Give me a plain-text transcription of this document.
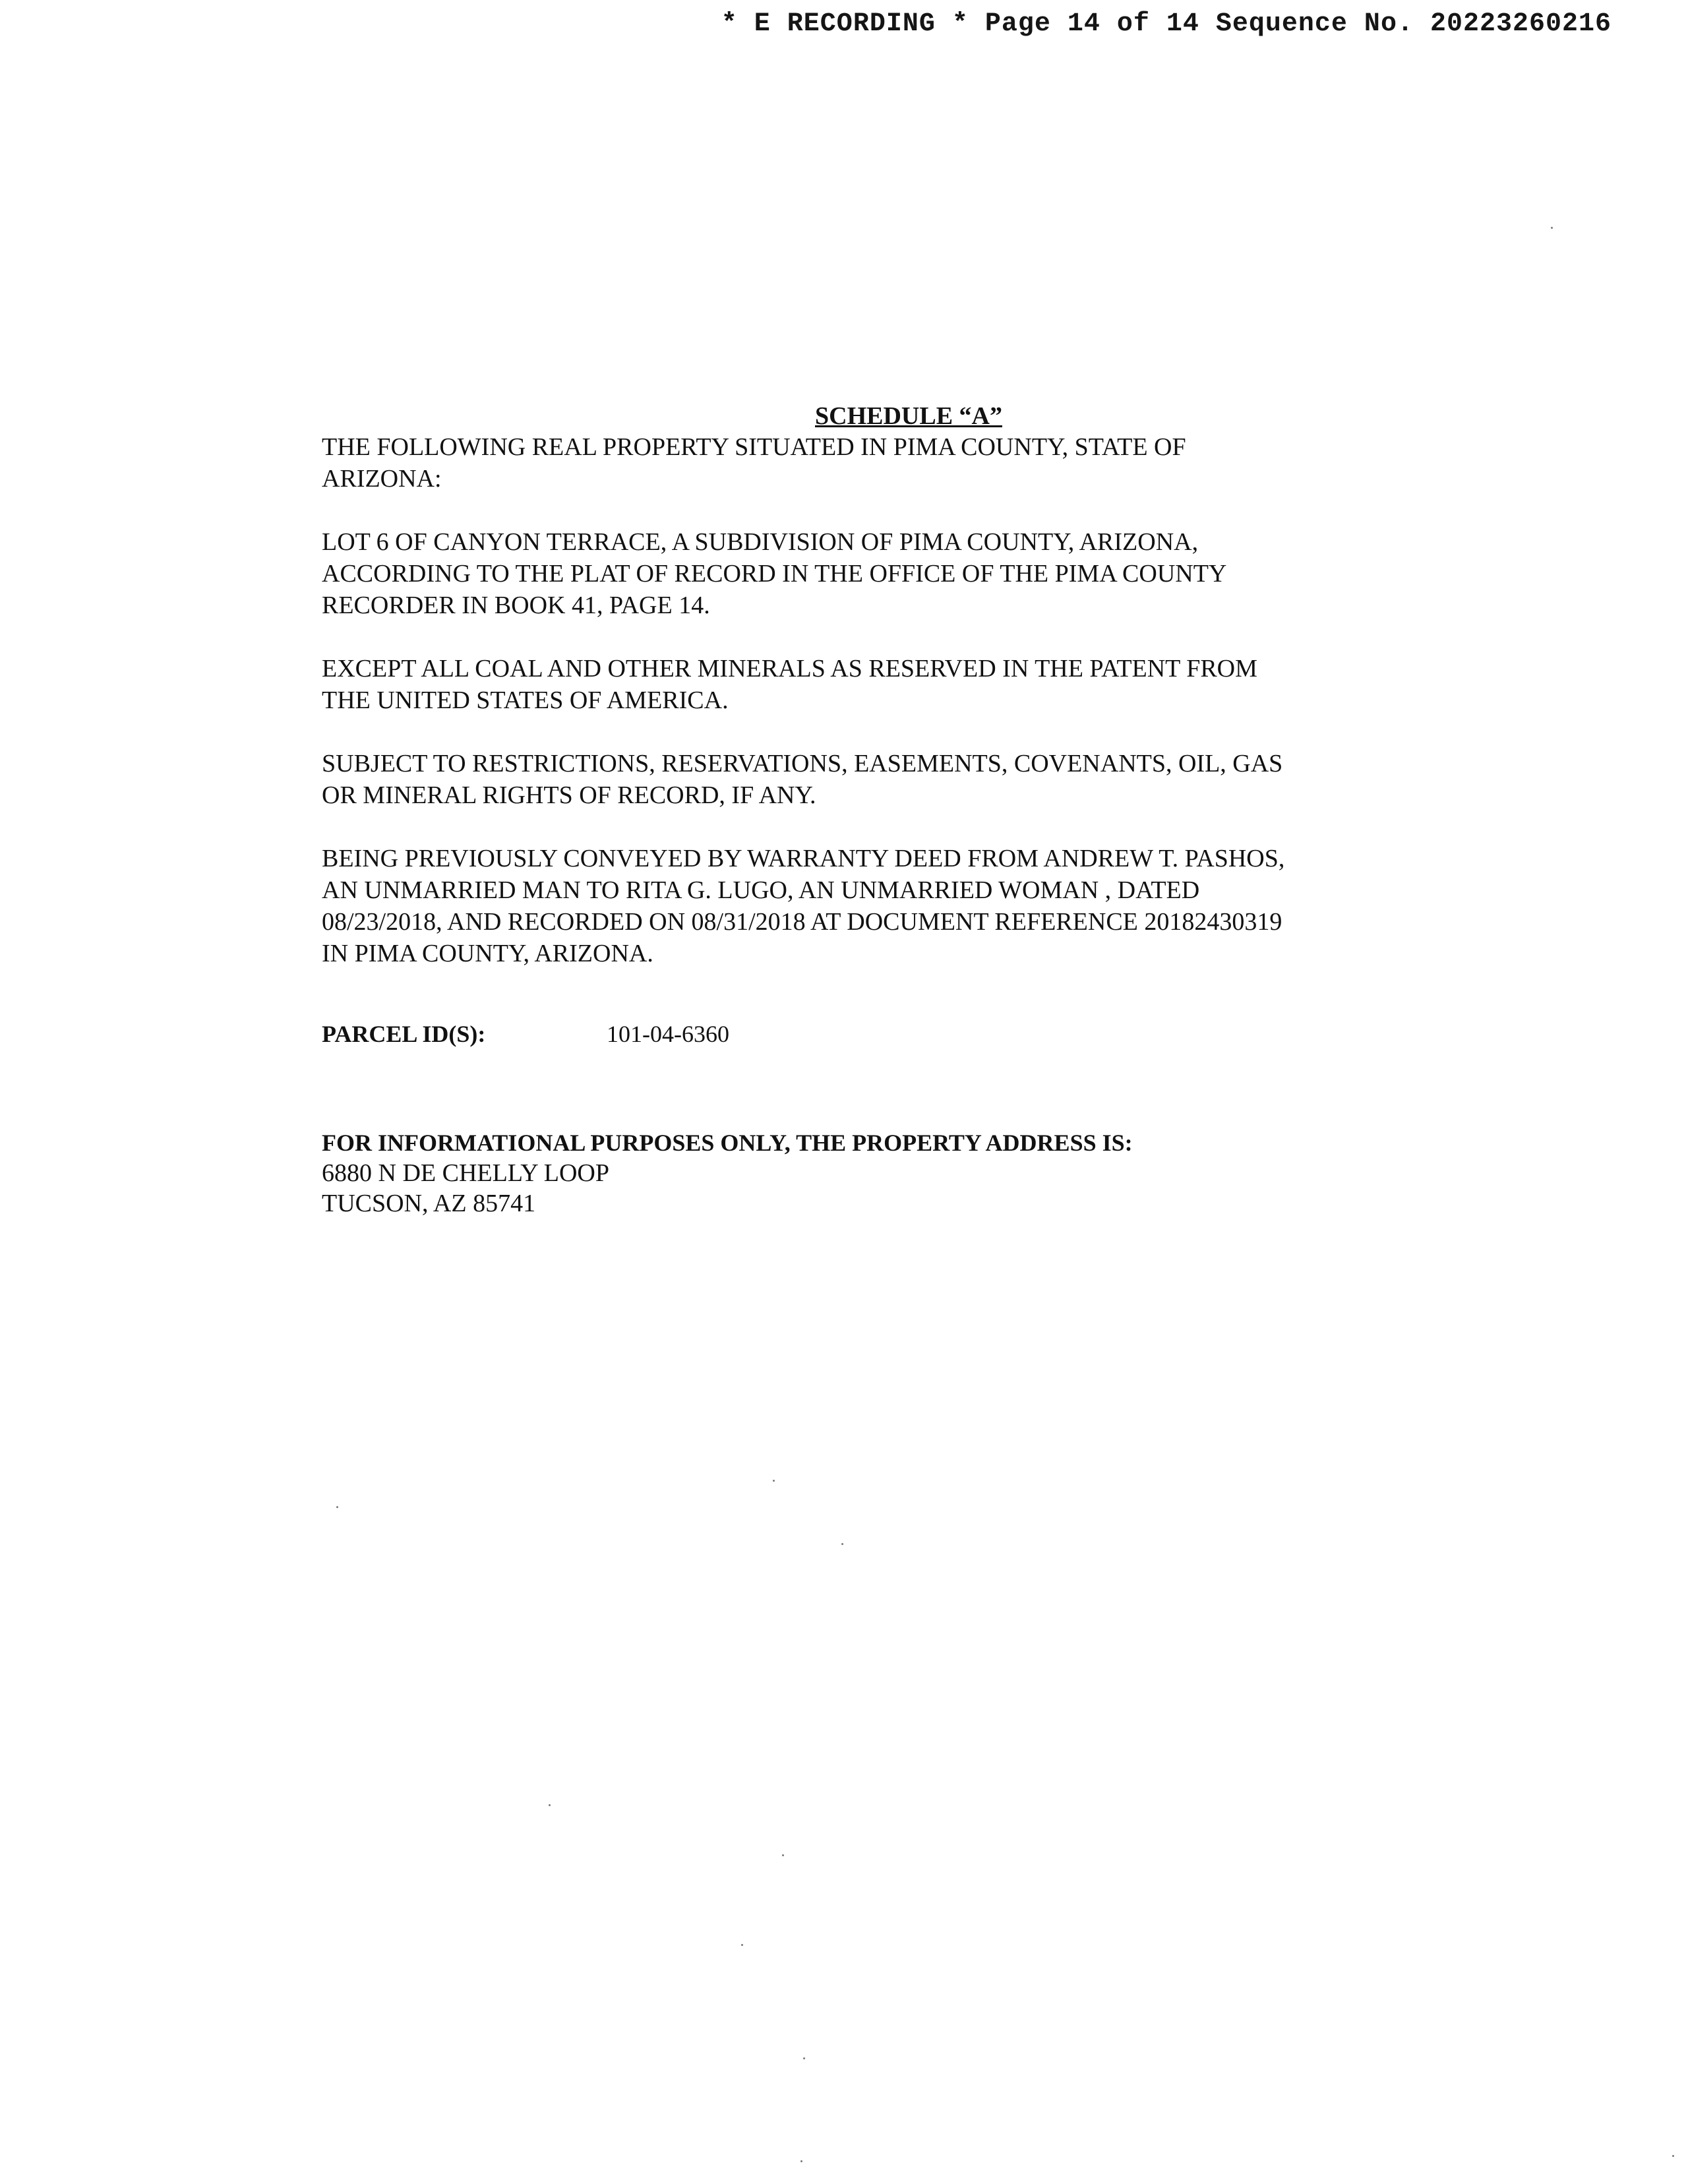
* E RECORDING * Page 14 of 14 Sequence No. 20223260216
SCHEDULE “A”

THE FOLLOWING REAL PROPERTY SITUATED IN PIMA COUNTY, STATE OF
ARIZONA:

LOT 6 OF CANYON TERRACE, A SUBDIVISION OF PIMA COUNTY, ARIZONA,
ACCORDING TO THE PLAT OF RECORD IN THE OFFICE OF THE PIMA COUNTY
RECORDER IN BOOK 41, PAGE 14.

EXCEPT ALL COAL AND OTHER MINERALS AS RESERVED IN THE PATENT FROM
THE UNITED STATES OF AMERICA.

SUBJECT TO RESTRICTIONS, RESERVATIONS, EASEMENTS, COVENANTS, OIL, GAS
OR MINERAL RIGHTS OF RECORD, IF ANY.

BEING PREVIOUSLY CONVEYED BY WARRANTY DEED FROM ANDREW T. PASHOS,
AN UNMARRIED MAN TO RITA G. LUGO, AN UNMARRIED WOMAN , DATED
08/23/2018, AND RECORDED ON 08/31/2018 AT DOCUMENT REFERENCE 20182430319
IN PIMA COUNTY, ARIZONA.

PARCEL ID(S):	101-04-6360
FOR INFORMATIONAL PURPOSES ONLY, THE PROPERTY ADDRESS IS:
6880 N DE CHELLY LOOP
TUCSON, AZ 85741
